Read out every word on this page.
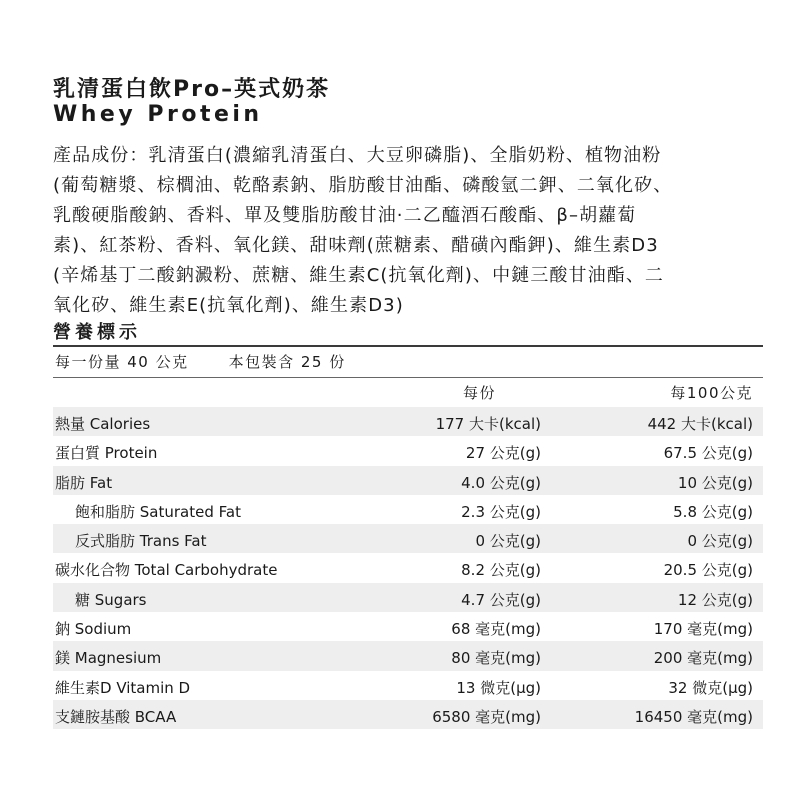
乳清蛋白飲Pro–英式奶茶
Whey Protein
產品成份：乳清蛋白(濃縮乳清蛋白、大豆卵磷脂)、全脂奶粉、植物油粉
(葡萄糖漿、棕櫚油、乾酪素鈉、脂肪酸甘油酯、磷酸氫二鉀、二氧化矽、
乳酸硬脂酸鈉、香料、單及雙脂肪酸甘油·二乙醯酒石酸酯、β–胡蘿蔔
素)、紅茶粉、香料、氧化鎂、甜味劑(蔗糖素、醋磺內酯鉀)、維生素D3
(辛烯基丁二酸鈉澱粉、蔗糖、維生素C(抗氧化劑)、中鏈三酸甘油酯、二
氧化矽、維生素E(抗氧化劑)、維生素D3)
營養標示
每一份量 40 公克	本包裝含 25 份
每份	每100公克
熱量 Calories	177 大卡(kcal)	442 大卡(kcal)
蛋白質 Protein	27 公克(g)	67.5 公克(g)
脂肪 Fat	4.0 公克(g)	10 公克(g)
飽和脂肪 Saturated Fat	2.3 公克(g)	5.8 公克(g)
反式脂肪 Trans Fat	0 公克(g)	0 公克(g)
碳水化合物 Total Carbohydrate	8.2 公克(g)	20.5 公克(g)
糖 Sugars	4.7 公克(g)	12 公克(g)
鈉 Sodium	68 毫克(mg)	170 毫克(mg)
鎂 Magnesium	80 毫克(mg)	200 毫克(mg)
維生素D Vitamin D	13 微克(μg)	32 微克(μg)
支鏈胺基酸 BCAA	6580 毫克(mg)	16450 毫克(mg)
